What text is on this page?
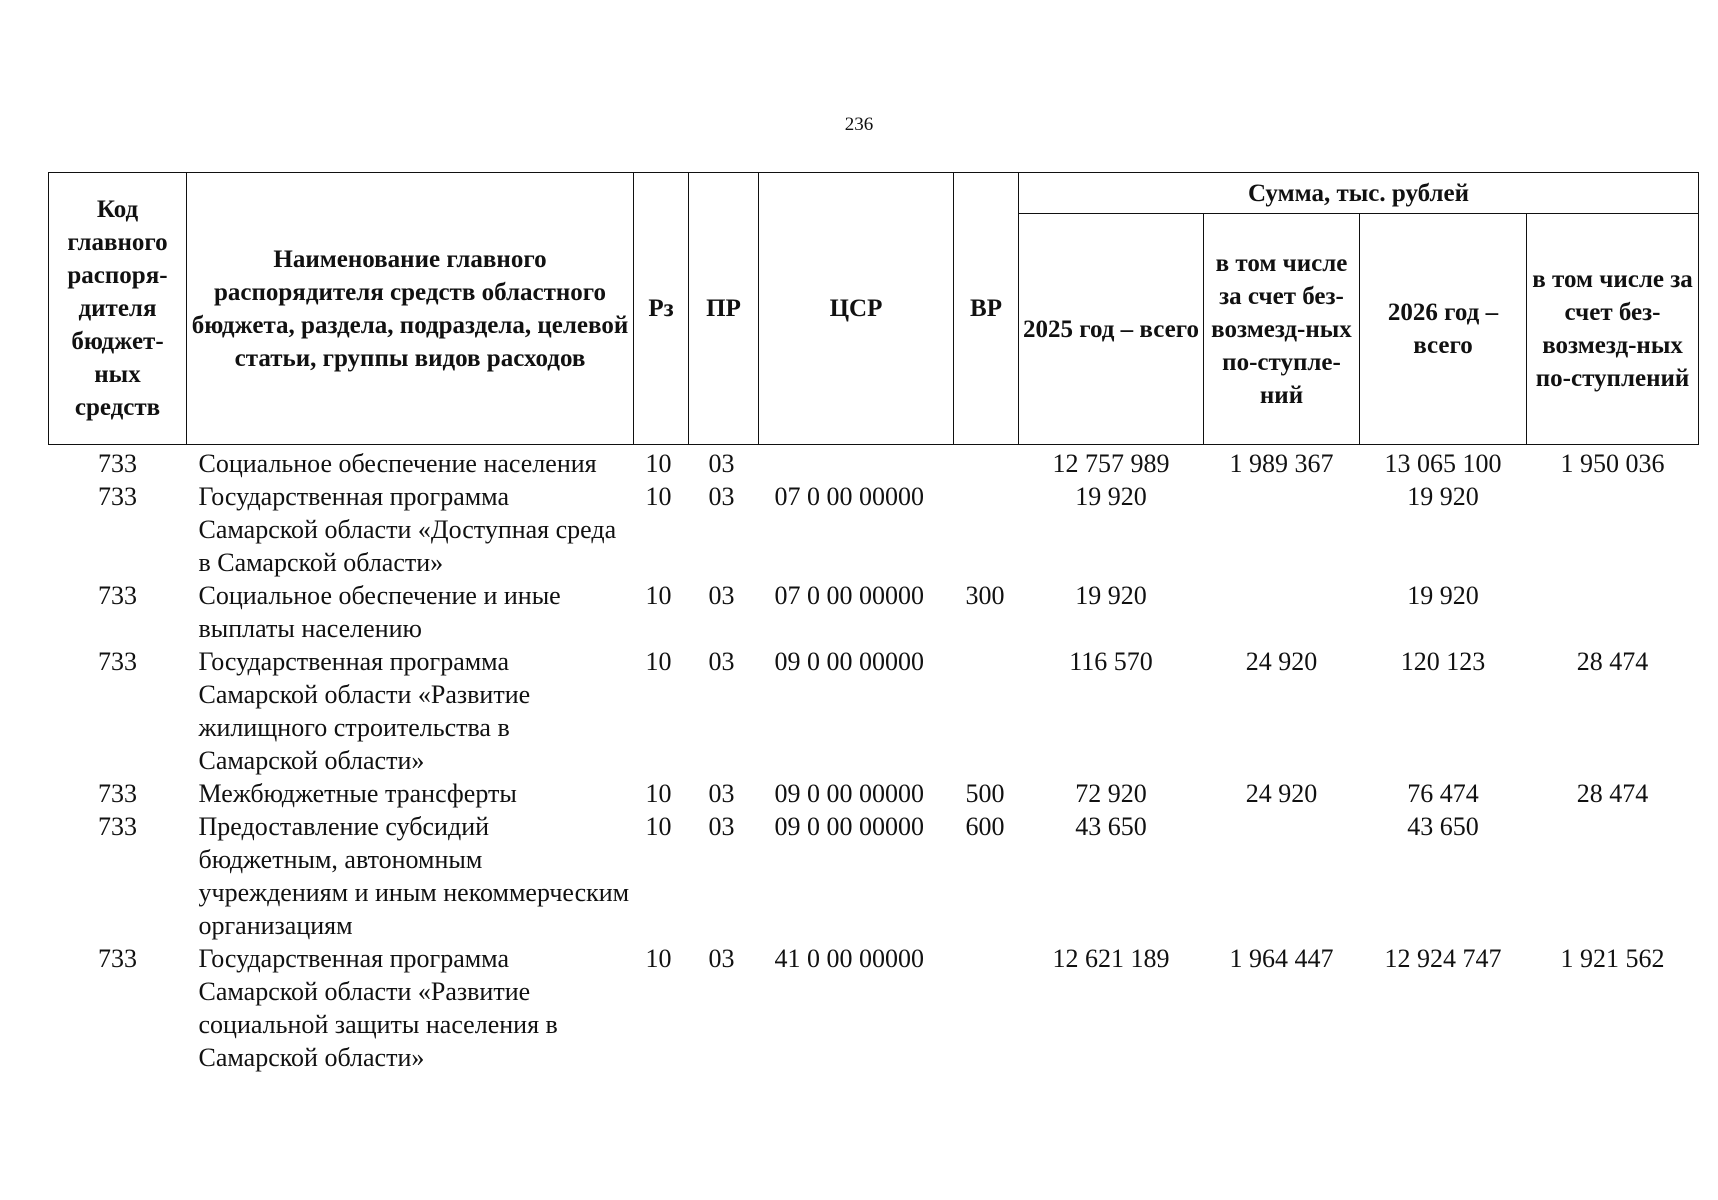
236
Код главного распоря-дителя бюджет-ных средств	Наименование главного распорядителя средств областного бюджета, раздела, подраздела, целевой статьи, группы видов расходов	Рз	ПР	ЦСР	ВР	Сумма, тыс. рублей			
						2025 год – всего	в том числе за счет без-возмезд-ных по-ступле-ний	2026 год – всего	в том числе за счет без-возмезд-ных по-ступлений
733	Социальное обеспечение населения	10	03			12 757 989	1 989 367	13 065 100	1 950 036
733	Государственная программа Самарской области «Доступная среда в Самарской области»	10	03	07 0 00 00000		19 920		19 920	
733	Социальное обеспечение и иные выплаты населению	10	03	07 0 00 00000	300	19 920		19 920	
733	Государственная программа Самарской области «Развитие жилищного строительства в Самарской области»	10	03	09 0 00 00000		116 570	24 920	120 123	28 474
733	Межбюджетные трансферты	10	03	09 0 00 00000	500	72 920	24 920	76 474	28 474
733	Предоставление субсидий бюджетным, автономным учреждениям и иным некоммерческим организациям	10	03	09 0 00 00000	600	43 650		43 650	
733	Государственная программа Самарской области «Развитие социальной защиты населения в Самарской области»	10	03	41 0 00 00000		12 621 189	1 964 447	12 924 747	1 921 562
